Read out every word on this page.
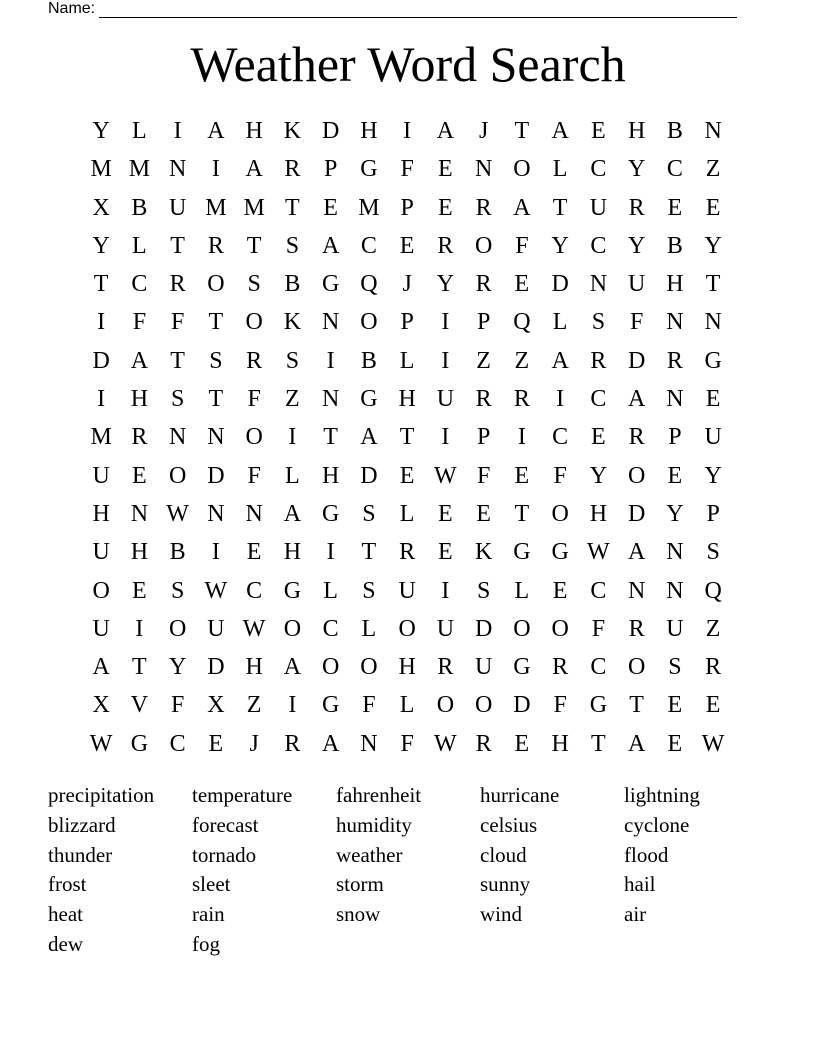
Name:
Weather Word Search
Y L	I	A H K D H	I	A	J	T A E H B N
M M N	I	A R P G F	E N O L C Y C Z
X B U M M T E M P	E R A T U R E E
Y L T R T	S A C E R O F Y C Y B Y
T C R O S B G Q	J	Y R E D N U H T
I	F	F	T O K N O P	I	P Q L	S	F N N
D A T	S R S	I	B L	I	Z Z A R D R G
I	H S	T	F	Z N G H U R R	I	C A N E
M R N N O	I	T A T	I	P	I	C E R P U
U E O D F	L H D E W F	E	F Y O E Y
H N W N N A G S	L E E T O H D Y P
U H B	I	E H	I	T R E K G G W A N S
O E	S W C G L	S U	I	S	L E C N N Q
U	I	O U W O C L O U D O O F R U Z
A T Y D H A O O H R U G R C O S R
X V F X Z	I	G F	L O O D F G T E E
W G C E	J	R A N F W R E H T A E W
precipitation	temperature	fahrenheit	hurricane	lightning
blizzard	forecast	humidity	celsius	cyclone
thunder	tornado	weather	cloud	flood
frost	sleet	storm	sunny	hail
heat	rain	snow	wind	air
dew	fog
